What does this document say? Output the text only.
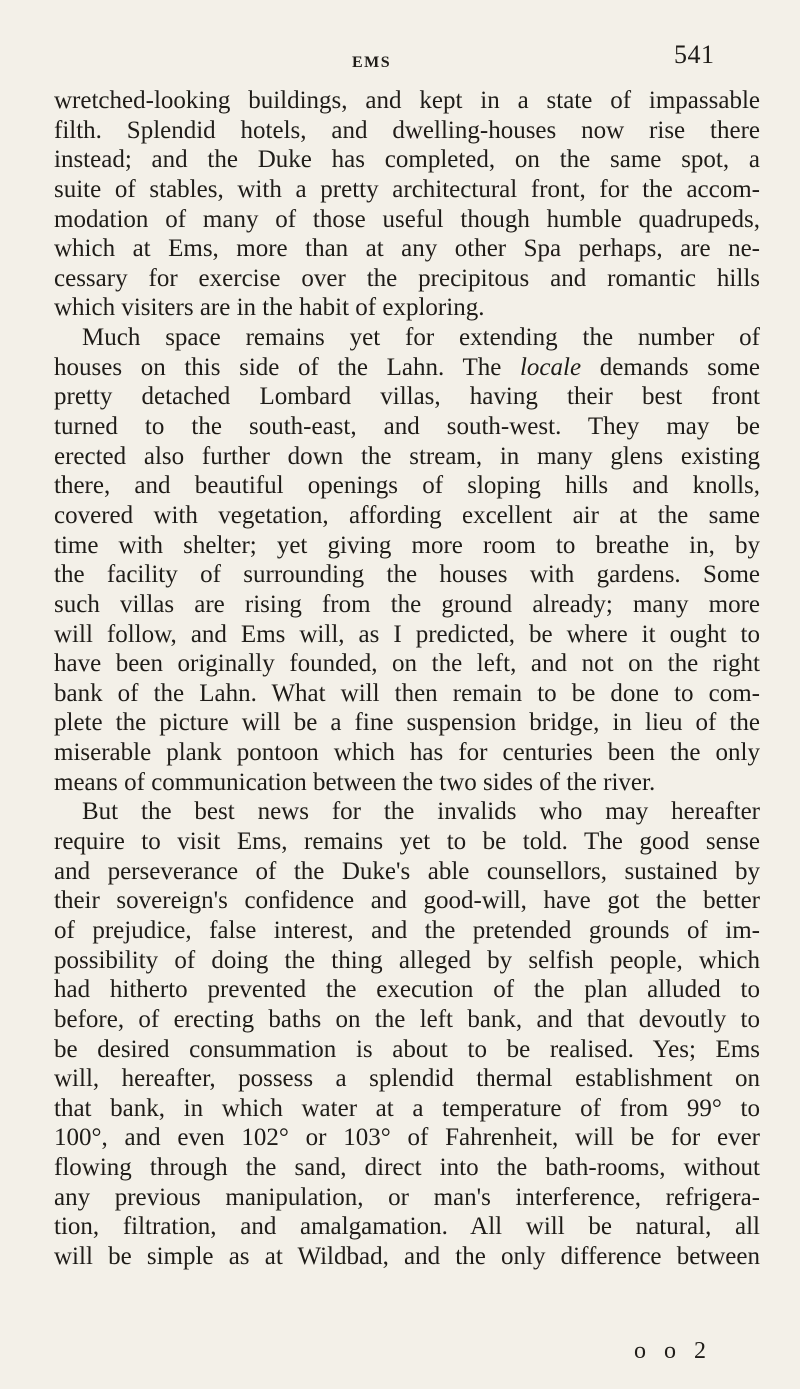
EMS	541
wretched-looking buildings, and kept in a state of impassable
filth. Splendid hotels, and dwelling-houses now rise there
instead; and the Duke has completed, on the same spot, a
suite of stables, with a pretty architectural front, for the accom-
modation of many of those useful though humble quadrupeds,
which at Ems, more than at any other Spa perhaps, are ne-
cessary for exercise over the precipitous and romantic hills
which visiters are in the habit of exploring.
Much space remains yet for extending the number of
houses on this side of the Lahn. The locale demands some
pretty detached Lombard villas, having their best front
turned to the south-east, and south-west. They may be
erected also further down the stream, in many glens existing
there, and beautiful openings of sloping hills and knolls,
covered with vegetation, affording excellent air at the same
time with shelter; yet giving more room to breathe in, by
the facility of surrounding the houses with gardens. Some
such villas are rising from the ground already; many more
will follow, and Ems will, as I predicted, be where it ought to
have been originally founded, on the left, and not on the right
bank of the Lahn. What will then remain to be done to com-
plete the picture will be a fine suspension bridge, in lieu of the
miserable plank pontoon which has for centuries been the only
means of communication between the two sides of the river.
But the best news for the invalids who may hereafter
require to visit Ems, remains yet to be told. The good sense
and perseverance of the Duke's able counsellors, sustained by
their sovereign's confidence and good-will, have got the better
of prejudice, false interest, and the pretended grounds of im-
possibility of doing the thing alleged by selfish people, which
had hitherto prevented the execution of the plan alluded to
before, of erecting baths on the left bank, and that devoutly to
be desired consummation is about to be realised. Yes; Ems
will, hereafter, possess a splendid thermal establishment on
that bank, in which water at a temperature of from 99° to
100°, and even 102° or 103° of Fahrenheit, will be for ever
flowing through the sand, direct into the bath-rooms, without
any previous manipulation, or man's interference, refrigera-
tion, filtration, and amalgamation. All will be natural, all
will be simple as at Wildbad, and the only difference between
o o 2
